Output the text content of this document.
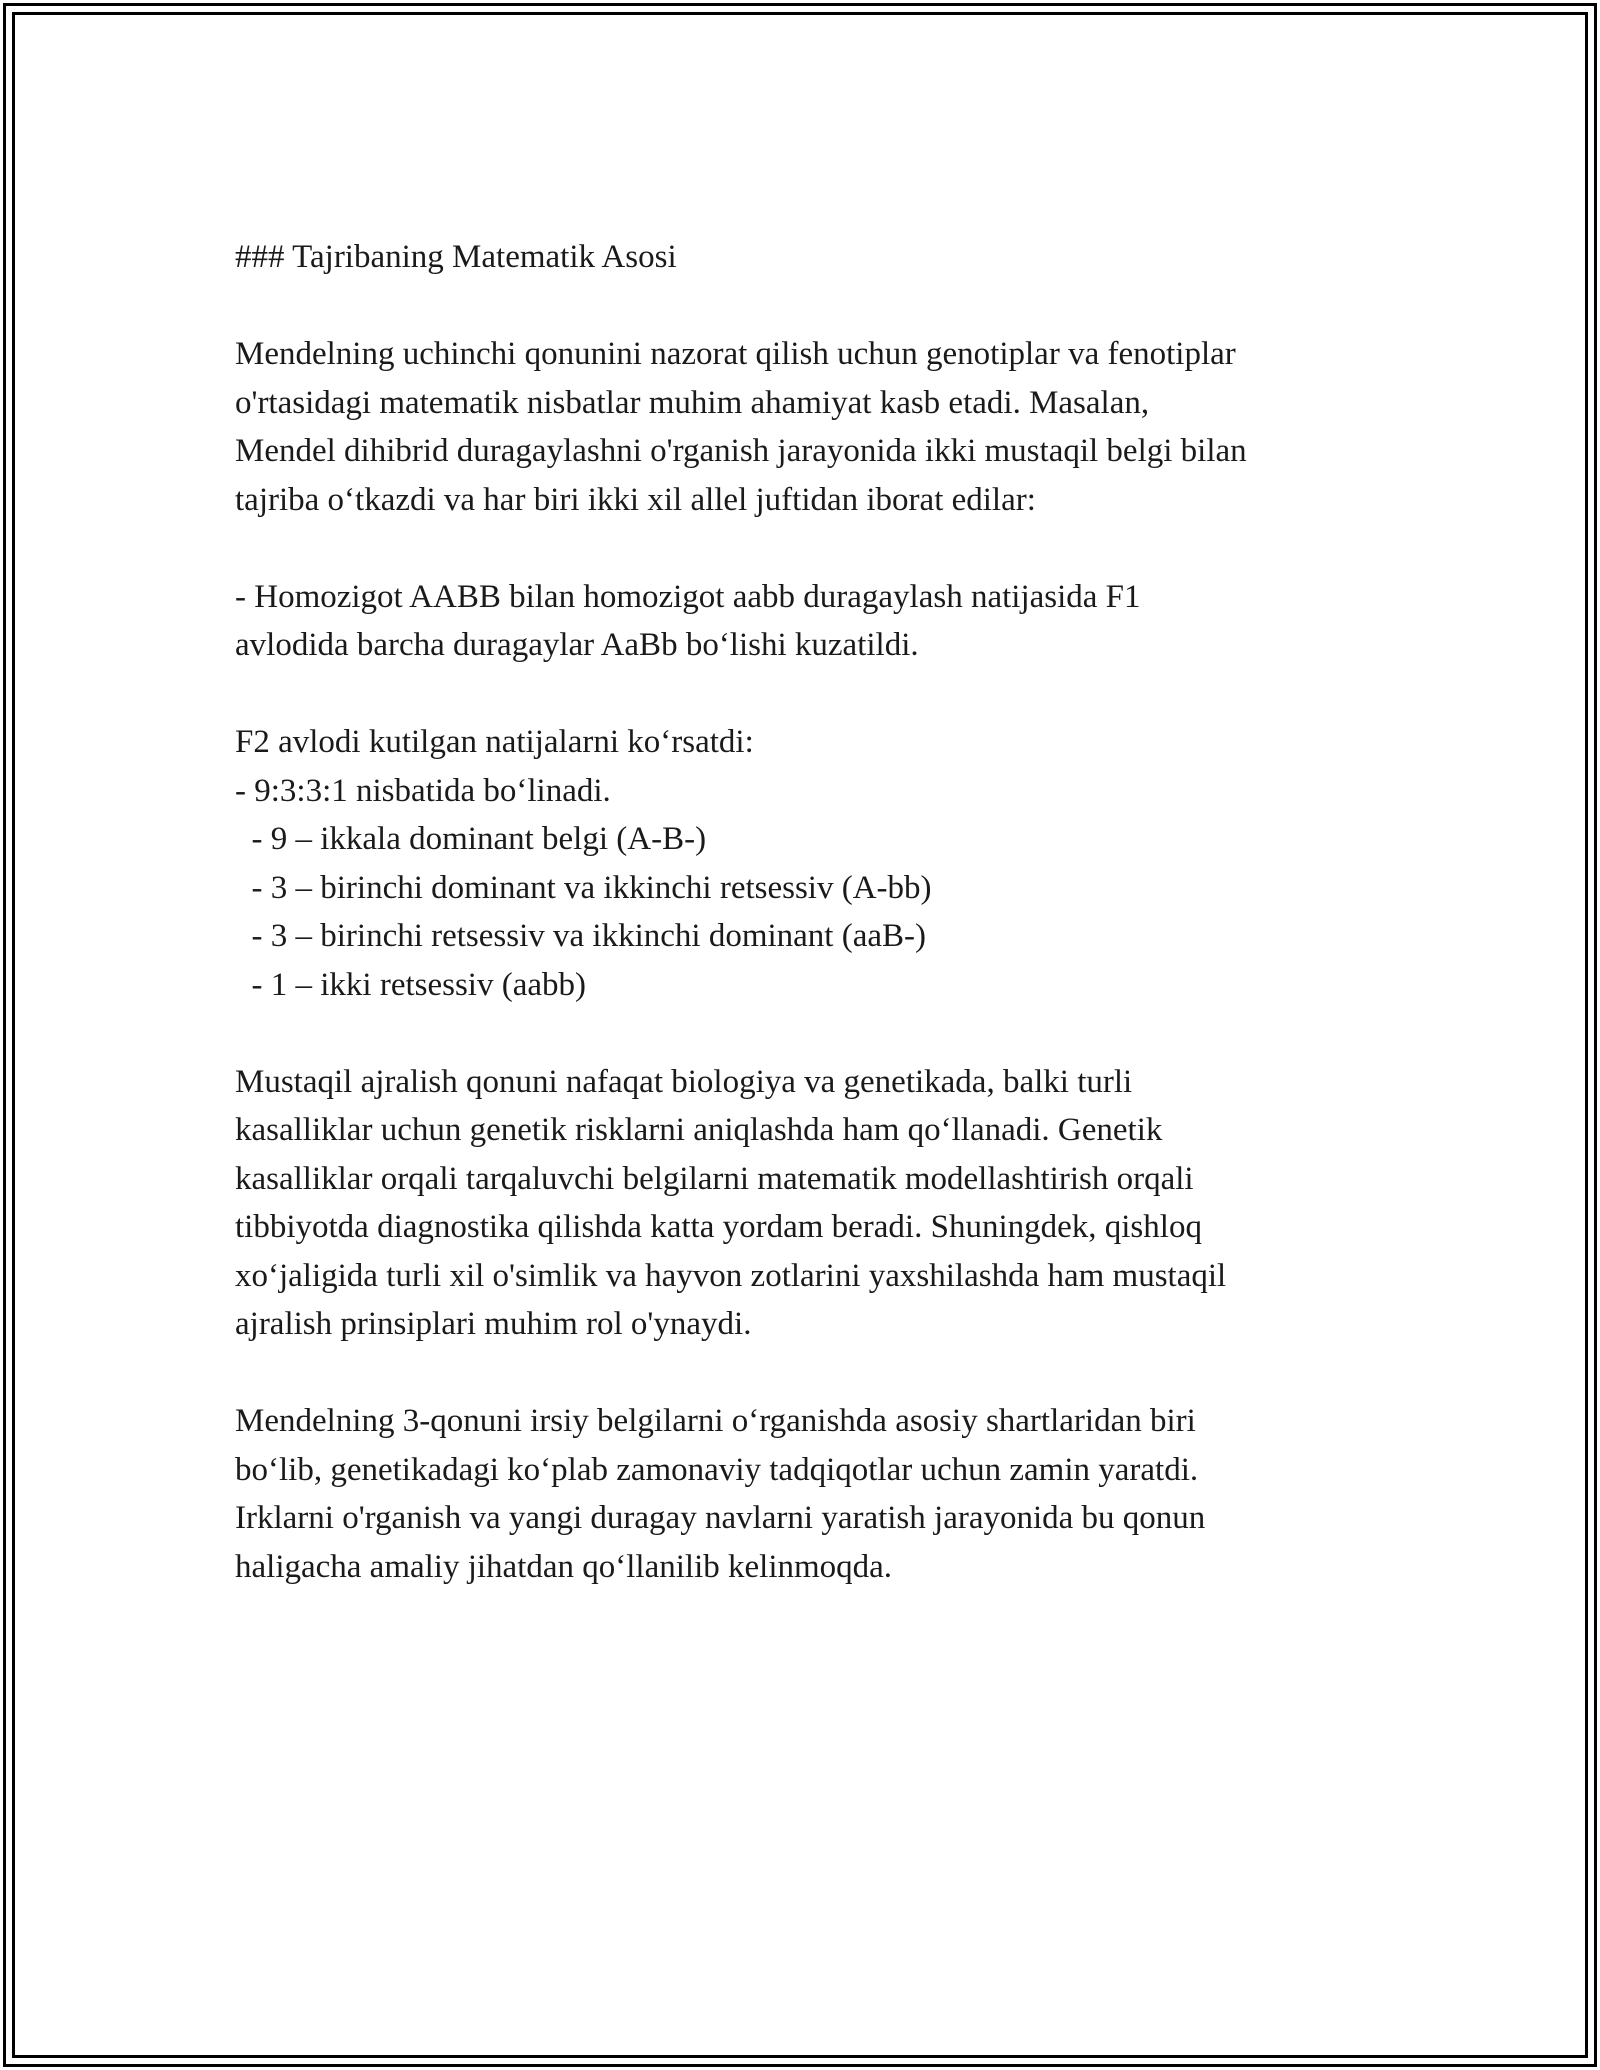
### Tajribaning Matematik Asosi
Mendelning uchinchi qonunini nazorat qilish uchun genotiplar va fenotiplar
o'rtasidagi matematik nisbatlar muhim ahamiyat kasb etadi. Masalan,
Mendel dihibrid duragaylashni o'rganish jarayonida ikki mustaqil belgi bilan
tajriba o‘tkazdi va har biri ikki xil allel juftidan iborat edilar:
- Homozigot AABB bilan homozigot aabb duragaylash natijasida F1
avlodida barcha duragaylar AaBb bo‘lishi kuzatildi.
F2 avlodi kutilgan natijalarni ko‘rsatdi:
- 9:3:3:1 nisbatida bo‘linadi.
- 9 – ikkala dominant belgi (A-B-)
- 3 – birinchi dominant va ikkinchi retsessiv (A-bb)
- 3 – birinchi retsessiv va ikkinchi dominant (aaB-)
- 1 – ikki retsessiv (aabb)
Mustaqil ajralish qonuni nafaqat biologiya va genetikada, balki turli
kasalliklar uchun genetik risklarni aniqlashda ham qo‘llanadi. Genetik
kasalliklar orqali tarqaluvchi belgilarni matematik modellashtirish orqali
tibbiyotda diagnostika qilishda katta yordam beradi. Shuningdek, qishloq
xo‘jaligida turli xil o'simlik va hayvon zotlarini yaxshilashda ham mustaqil
ajralish prinsiplari muhim rol o'ynaydi.
Mendelning 3-qonuni irsiy belgilarni o‘rganishda asosiy shartlaridan biri
bo‘lib, genetikadagi ko‘plab zamonaviy tadqiqotlar uchun zamin yaratdi.
Irklarni o'rganish va yangi duragay navlarni yaratish jarayonida bu qonun
haligacha amaliy jihatdan qo‘llanilib kelinmoqda.
